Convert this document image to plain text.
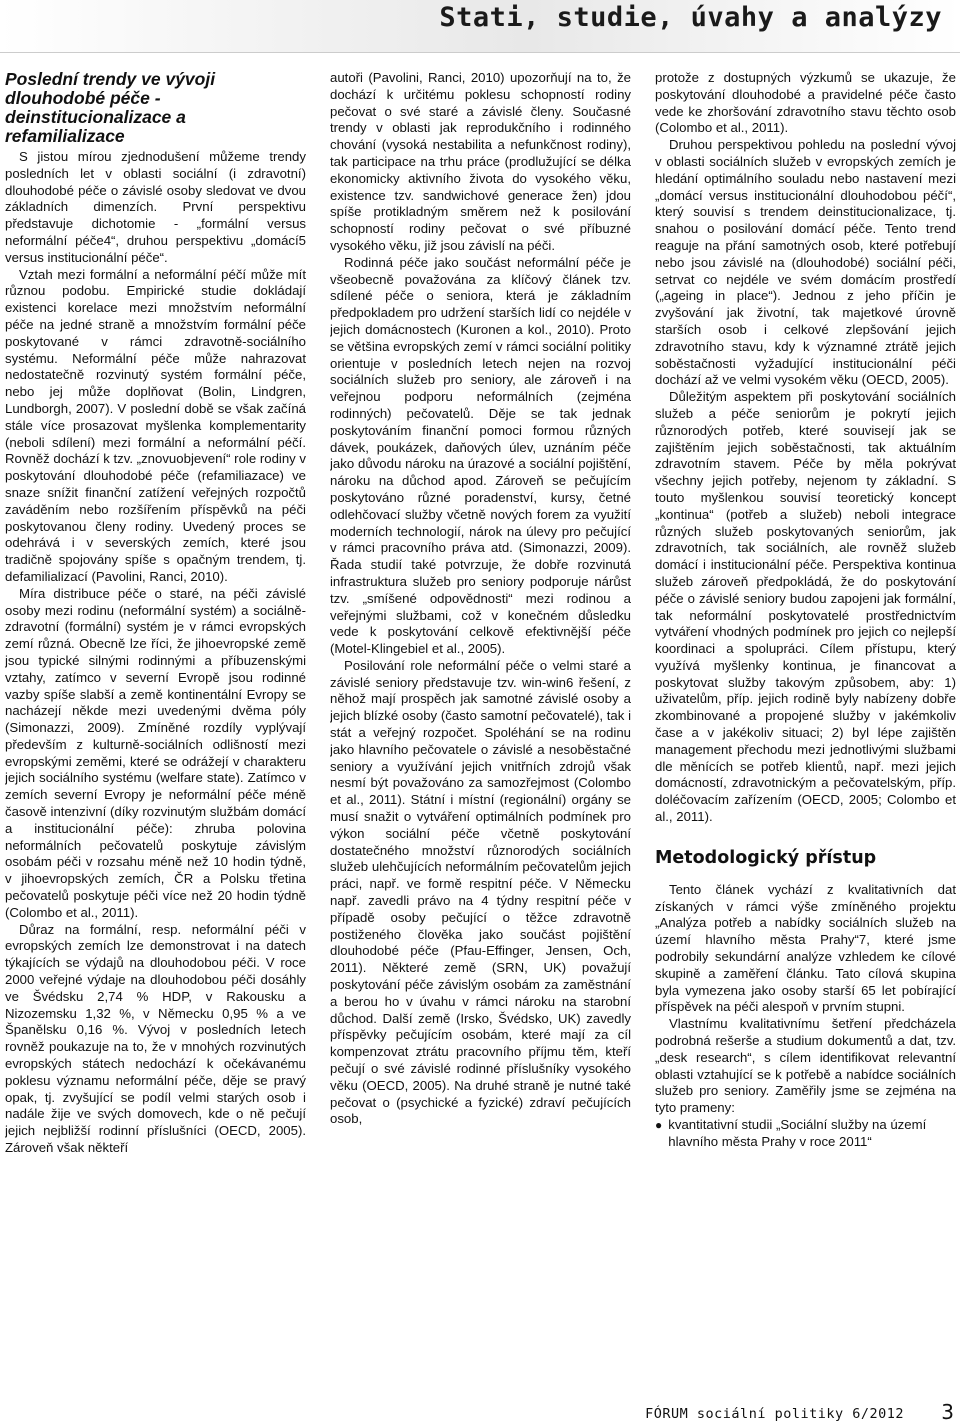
Stati, studie, úvahy a analýzy
Poslední trendy ve vývoji dlouhodobé péče - deinstitucionalizace a refamilializace

S jistou mírou zjednodušení můžeme trendy posledních let v oblasti sociální (i zdravotní) dlouhodobé péče o závislé osoby sledovat ve dvou základních dimenzích. První perspektivu představuje dichotomie - „formální versus neformální péče4“, druhou perspektivu „domácí5 versus institucionální péče“.

Vztah mezi formální a neformální péčí může mít různou podobu. Empirické studie dokládají existenci korelace mezi množstvím neformální péče na jedné straně a množstvím formální péče poskytované v rámci zdravotně-sociálního systému. Neformální péče může nahrazovat nedostatečně rozvinutý systém formální péče, nebo jej může doplňovat (Bolin, Lindgren, Lundborgh, 2007). V poslední době se však začíná stále více prosazovat myšlenka komplementarity (neboli sdílení) mezi formální a neformální péčí. Rovněž dochází k tzv. „znovuobjevení“ role rodiny v poskytování dlouhodobé péče (refamiliazace) ve snaze snížit finanční zatížení veřejných rozpočtů zaváděním nebo rozšířením příspěvků na péči poskytovanou členy rodiny. Uvedený proces se odehrává i v severských zemích, které jsou tradičně spojovány spíše s opačným trendem, tj. defamilializací (Pavolini, Ranci, 2010).

Míra distribuce péče o staré, na péči závislé osoby mezi rodinu (neformální systém) a sociálně-zdravotní (formální) systém je v rámci evropských zemí různá. Obecně lze říci, že jihoevropské země jsou typické silnými rodinnými a příbuzenskými vztahy, zatímco v severní Evropě jsou rodinné vazby spíše slabší a země kontinentální Evropy se nacházejí někde mezi uvedenými dvěma póly (Simonazzi, 2009). Zmíněné rozdíly vyplývají především z kulturně-sociálních odlišností mezi evropskými zeměmi, které se odrážejí v charakteru jejich sociálního systému (welfare state). Zatímco v zemích severní Evropy je neformální péče méně časově intenzivní (díky rozvinutým službám domácí a institucionální péče): zhruba polovina neformálních pečovatelů poskytuje závislým osobám péči v rozsahu méně než 10 hodin týdně, v jihoevropských zemích, ČR a Polsku třetina pečovatelů poskytuje péči více než 20 hodin týdně (Colombo et al., 2011).

Důraz na formální, resp. neformální péči v evropských zemích lze demonstrovat i na datech týkajících se výdajů na dlouhodobou péči. V roce 2000 veřejné výdaje na dlouhodobou péči dosáhly ve Švédsku 2,74 % HDP, v Rakousku a Nizozemsku 1,32 %, v Německu 0,95 % a ve Španělsku 0,16 %. Vývoj v posledních letech rovněž poukazuje na to, že v mnohých rozvinutých evropských státech nedochází k očekávanému poklesu významu neformální péče, děje se pravý opak, tj. zvyšující se podíl velmi starých osob i nadále žije ve svých domovech, kde o ně pečují jejich nejbližší rodinní příslušníci (OECD, 2005). Zároveň však někteří

autoři (Pavolini, Ranci, 2010) upozorňují na to, že dochází k určitému poklesu schopností rodiny pečovat o své staré a závislé členy. Současné trendy v oblasti jak reprodukčního i rodinného chování (vysoká nestabilita a nefunkčnost rodiny), tak participace na trhu práce (prodlužující se délka ekonomicky aktivního života do vysokého věku, existence tzv. sandwichové generace žen) jdou spíše protikladným směrem než k posilování schopností rodiny pečovat o své příbuzné vysokého věku, již jsou závislí na péči.

Rodinná péče jako součást neformální péče je všeobecně považována za klíčový článek tzv. sdílené péče o seniora, která je základním předpokladem pro udržení starších lidí co nejdéle v jejich domácnostech (Kuronen a kol., 2010). Proto se většina evropských zemí v rámci sociální politiky orientuje v posledních letech nejen na rozvoj sociálních služeb pro seniory, ale zároveň i na veřejnou podporu neformálních (zejména rodinných) pečovatelů. Děje se tak jednak poskytováním finanční pomoci formou různých dávek, poukázek, daňových úlev, uznáním péče jako důvodu nároku na úrazové a sociální pojištění, nároku na důchod apod. Zároveň se pečujícím poskytováno různé poradenství, kursy, četné odlehčovací služby včetně nových forem za využití moderních technologií, nárok na úlevy pro pečující v rámci pracovního práva atd. (Simonazzi, 2009). Řada studií také potvrzuje, že dobře rozvinutá infrastruktura služeb pro seniory podporuje nárůst tzv. „smíšené odpovědnosti“ mezi rodinou a veřejnými službami, což v konečném důsledku vede k poskytování celkově efektivnější péče (Motel-Klingebiel et al., 2005).

Posilování role neformální péče o velmi staré a závislé seniory představuje tzv. win-win6 řešení, z něhož mají prospěch jak samotné závislé osoby a jejich blízké osoby (často samotní pečovatelé), tak i stát a veřejný rozpočet. Spoléhání se na rodinu jako hlavního pečovatele o závislé a nesoběstačné seniory a využívání jejich vnitřních zdrojů však nesmí být považováno za samozřejmost (Colombo et al., 2011). Státní i místní (regionální) orgány se musí snažit o vytváření optimálních podmínek pro výkon sociální péče včetně poskytování dostatečného množství různorodých sociálních služeb ulehčujících neformálním pečovatelům jejich práci, např. ve formě respitní péče. V Německu např. zavedli právo na 4 týdny respitní péče v případě osoby pečující o těžce zdravotně postiženého člověka jako součást pojištění dlouhodobé péče (Pfau-Effinger, Jensen, Och, 2011). Některé země (SRN, UK) považují poskytování péče závislým osobám za zaměstnání a berou ho v úvahu v rámci nároku na starobní důchod. Další země (Irsko, Švédsko, UK) zavedly příspěvky pečujícím osobám, které mají za cíl kompenzovat ztrátu pracovního příjmu těm, kteří pečují o své závislé rodinné příslušníky vysokého věku (OECD, 2005). Na druhé straně je nutné také pečovat o (psychické a fyzické) zdraví pečujících osob,

protože z dostupných výzkumů se ukazuje, že poskytování dlouhodobé a pravidelné péče často vede ke zhoršování zdravotního stavu těchto osob (Colombo et al., 2011).

Druhou perspektivou pohledu na poslední vývoj v oblasti sociálních služeb v evropských zemích je hledání optimálního souladu nebo nastavení mezi „domácí versus institucionální dlouhodobou péčí“, který souvisí s trendem deinstitucionalizace, tj. snahou o posilování domácí péče. Tento trend reaguje na přání samotných osob, které potřebují nebo jsou závislé na (dlouhodobé) sociální péči, setrvat co nejdéle ve svém domácím prostředí („ageing in place“). Jednou z jeho příčin je zvyšování jak životní, tak majetkové úrovně starších osob i celkové zlepšování jejich zdravotního stavu, kdy k významné ztrátě jejich soběstačnosti vyžadující institucionální péči dochází až ve velmi vysokém věku (OECD, 2005).

Důležitým aspektem při poskytování sociálních služeb a péče seniorům je pokrytí jejich různorodých potřeb, které souvisejí jak se zajištěním jejich soběstačnosti, tak aktuálním zdravotním stavem. Péče by měla pokrývat všechny jejich potřeby, nejenom ty základní. S touto myšlenkou souvisí teoretický koncept „kontinua“ (potřeb a služeb) neboli integrace různých služeb poskytovaných seniorům, jak zdravotních, tak sociálních, ale rovněž služeb domácí i institucionální péče. Perspektiva kontinua služeb zároveň předpokládá, že do poskytování péče o závislé seniory budou zapojeni jak formální, tak neformální poskytovatelé prostřednictvím vytváření vhodných podmínek pro jejich co nejlepší koordinaci a spolupráci. Cílem přístupu, který využívá myšlenky kontinua, je financovat a poskytovat služby takovým způsobem, aby: 1) uživatelům, příp. jejich rodině byly nabízeny dobře zkombinované a propojené služby v jakémkoliv čase a v jakékoliv situaci; 2) byl lépe zajištěn management přechodu mezi jednotlivými službami dle měnících se potřeb klientů, např. mezi jejich domácností, zdravotnickým a pečovatelským, příp. doléčovacím zařízením (OECD, 2005; Colombo et al., 2011).

Metodologický přístup

Tento článek vychází z kvalitativních dat získaných v rámci výše zmíněného projektu „Analýza potřeb a nabídky sociálních služeb na území hlavního města Prahy“7, které jsme podrobily sekundární analýze vzhledem ke cílové skupině a zaměření článku. Tato cílová skupina byla vymezena jako osoby starší 65 let pobírající příspěvek na péči alespoň v prvním stupni.

Vlastnímu kvalitativnímu šetření předcházela podrobná rešerše a studium dokumentů a dat, tzv. „desk research“, s cílem identifikovat relevantní oblasti vztahující se k potřebě a nabídce sociálních služeb pro seniory. Zaměřily jsme se zejména na tyto prameny:

● kvantitativní studii „Sociální služby na území hlavního města Prahy v roce 2011“
FÓRUM sociální politiky 6/2012 3
